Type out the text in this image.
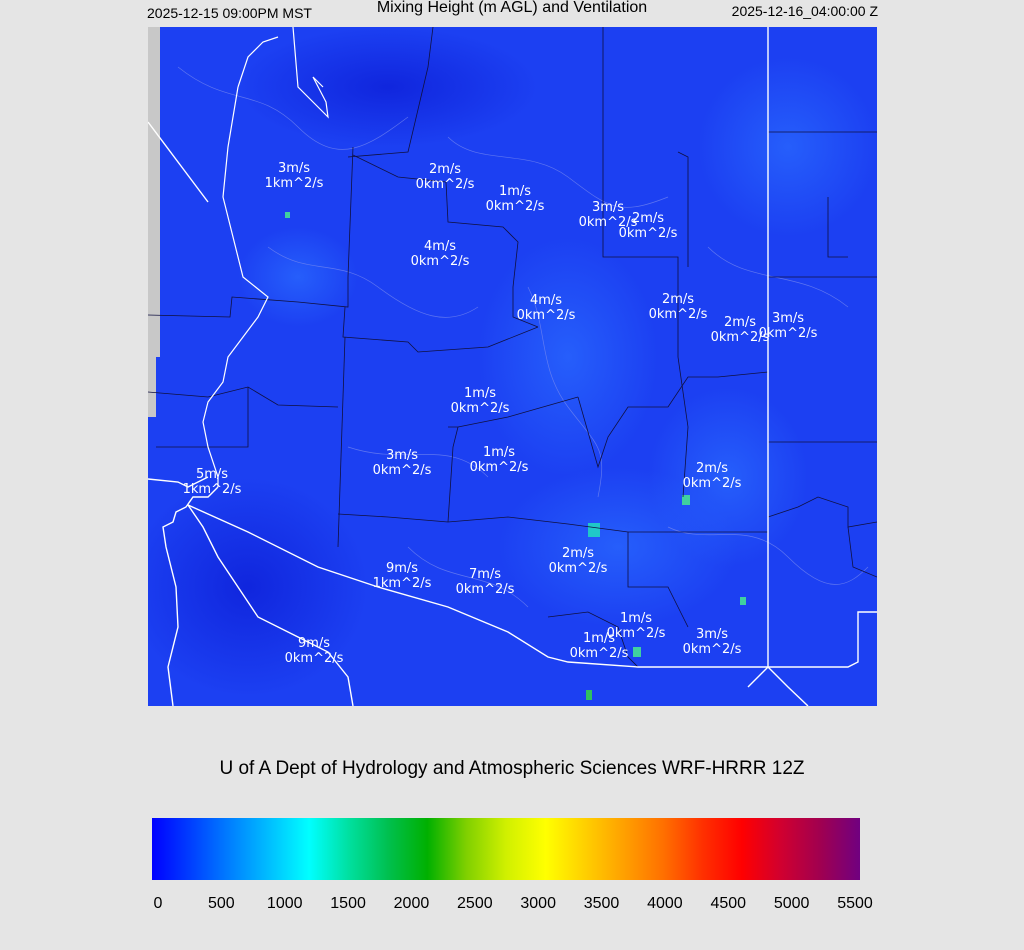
2025-12-15 09:00PM MST	Mixing Height (m AGL) and Ventilation	2025-12-16_04:00:00 Z
3m/s
1km^2/s
2m/s
0km^2/s	1m/s
0km^2/s	3m/s
0km^2/s
2m/s
0km^2/s
4m/s
0km^2/s
4m/s
0km^2/s
2m/s
0km^2/s
2m/s
0km^2/s
3m/s
0km^2/s
1m/s
0km^2/s
3m/s
0km^2/s
1m/s
0km^2/s
5m/s
1km^2/s
2m/s
0km^2/s
9m/s
1km^2/s
7m/s
0km^2/s
2m/s
0km^2/s
1m/s
0km^2/s
1m/s
0km^2/s
3m/s
0km^2/s
9m/s
0km^2/s
U of A Dept of Hydrology and Atmospheric Sciences WRF-HRRR 12Z
0	500 1000 1500 2000 2500 3000 3500 4000 4500 5000 5500
